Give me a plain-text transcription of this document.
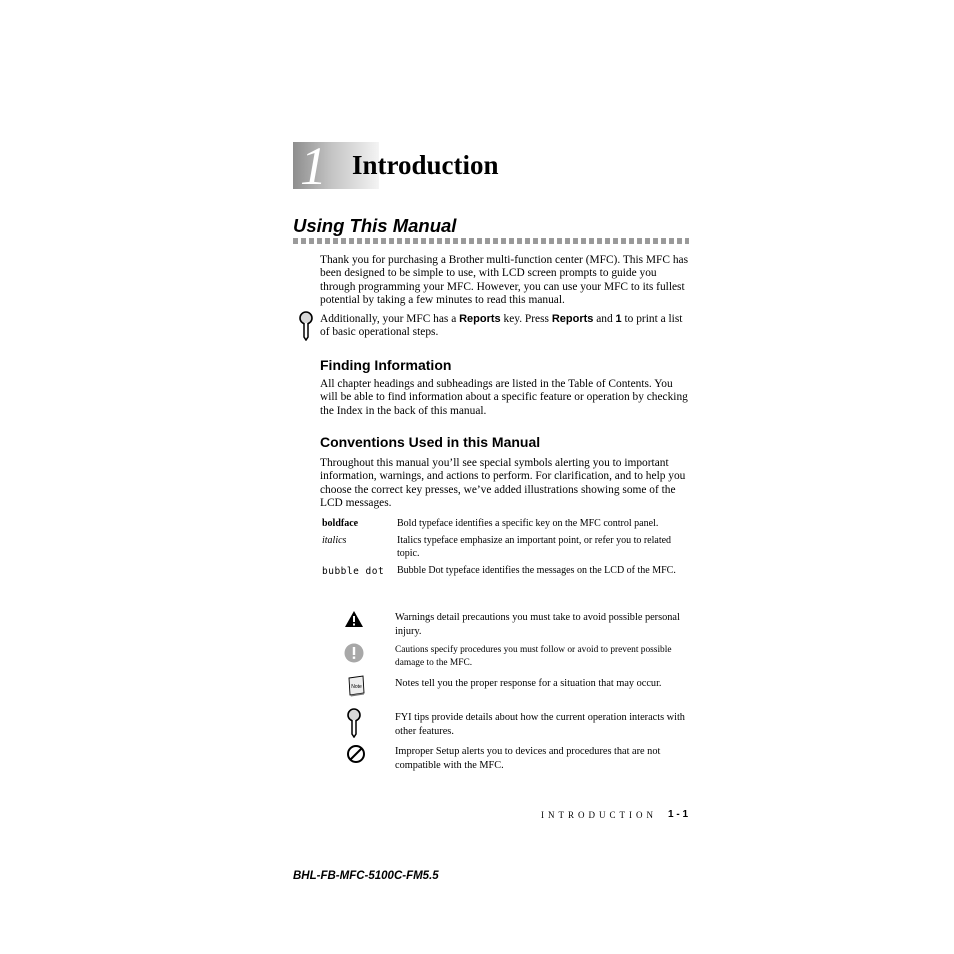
1 Introduction
Using This Manual
Thank you for purchasing a Brother multi-function center (MFC). This MFC has been designed to be simple to use, with LCD screen prompts to guide you through programming your MFC. However, you can use your MFC to its fullest potential by taking a few minutes to read this manual.
Additionally, your MFC has a Reports key. Press Reports and 1 to print a list of basic operational steps.
Finding Information
All chapter headings and subheadings are listed in the Table of Contents. You will be able to find information about a specific feature or operation by checking the Index in the back of this manual.
Conventions Used in this Manual
Throughout this manual you’ll see special symbols alerting you to important information, warnings, and actions to perform. For clarification, and to help you choose the correct key presses, we’ve added illustrations showing some of the LCD messages.
boldface	Bold typeface identifies a specific key on the MFC control panel.
italics	Italics typeface emphasize an important point, or refer you to related topic.
bubble dot Bubble Dot typeface identifies the messages on the LCD of the MFC.
Warnings detail precautions you must take to avoid possible personal injury.
Cautions specify procedures you must follow or avoid to prevent possible damage to the MFC.
Note	Notes tell you the proper response for a situation that may occur.
FYI tips provide details about how the current operation interacts with other features.
Improper Setup alerts you to devices and procedures that are not compatible with the MFC.
INTRODUCTION 1 - 1
BHL-FB-MFC-5100C-FM5.5
